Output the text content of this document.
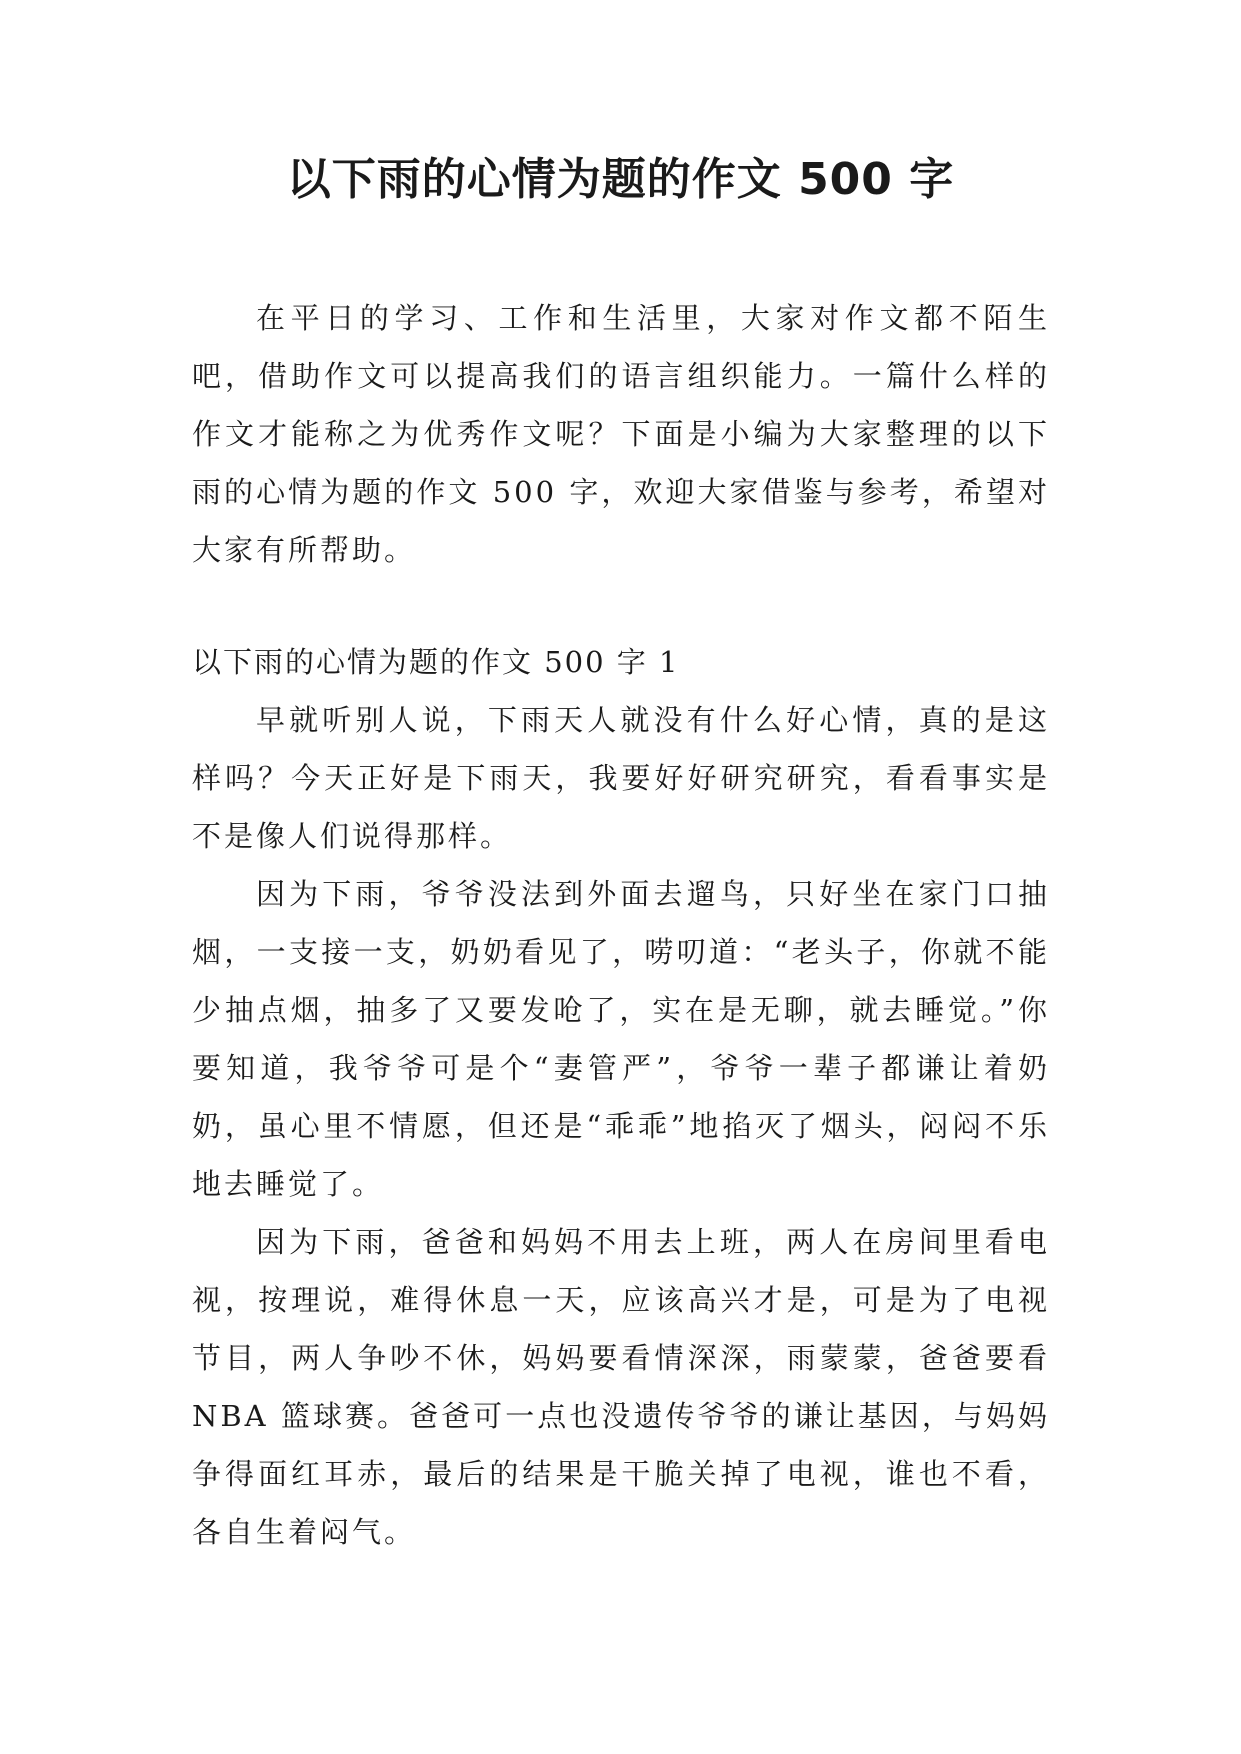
以下雨的心情为题的作文 500 字

在平日的学习、工作和生活里，大家对作文都不陌生吧，借助作文可以提高我们的语言组织能力。一篇什么样的作文才能称之为优秀作文呢？下面是小编为大家整理的以下雨的心情为题的作文 500 字，欢迎大家借鉴与参考，希望对大家有所帮助。

以下雨的心情为题的作文 500 字 1

早就听别人说，下雨天人就没有什么好心情，真的是这样吗？今天正好是下雨天，我要好好研究研究，看看事实是不是像人们说得那样。

因为下雨，爷爷没法到外面去遛鸟，只好坐在家门口抽烟，一支接一支，奶奶看见了，唠叨道：“老头子，你就不能少抽点烟，抽多了又要发呛了，实在是无聊，就去睡觉。”你要知道，我爷爷可是个“妻管严”，爷爷一辈子都谦让着奶奶，虽心里不情愿，但还是“乖乖”地掐灭了烟头，闷闷不乐地去睡觉了。

因为下雨，爸爸和妈妈不用去上班，两人在房间里看电视，按理说，难得休息一天，应该高兴才是，可是为了电视节目，两人争吵不休，妈妈要看情深深，雨蒙蒙，爸爸要看 NBA 篮球赛。爸爸可一点也没遗传爷爷的谦让基因，与妈妈争得面红耳赤，最后的结果是干脆关掉了电视，谁也不看，各自生着闷气。
